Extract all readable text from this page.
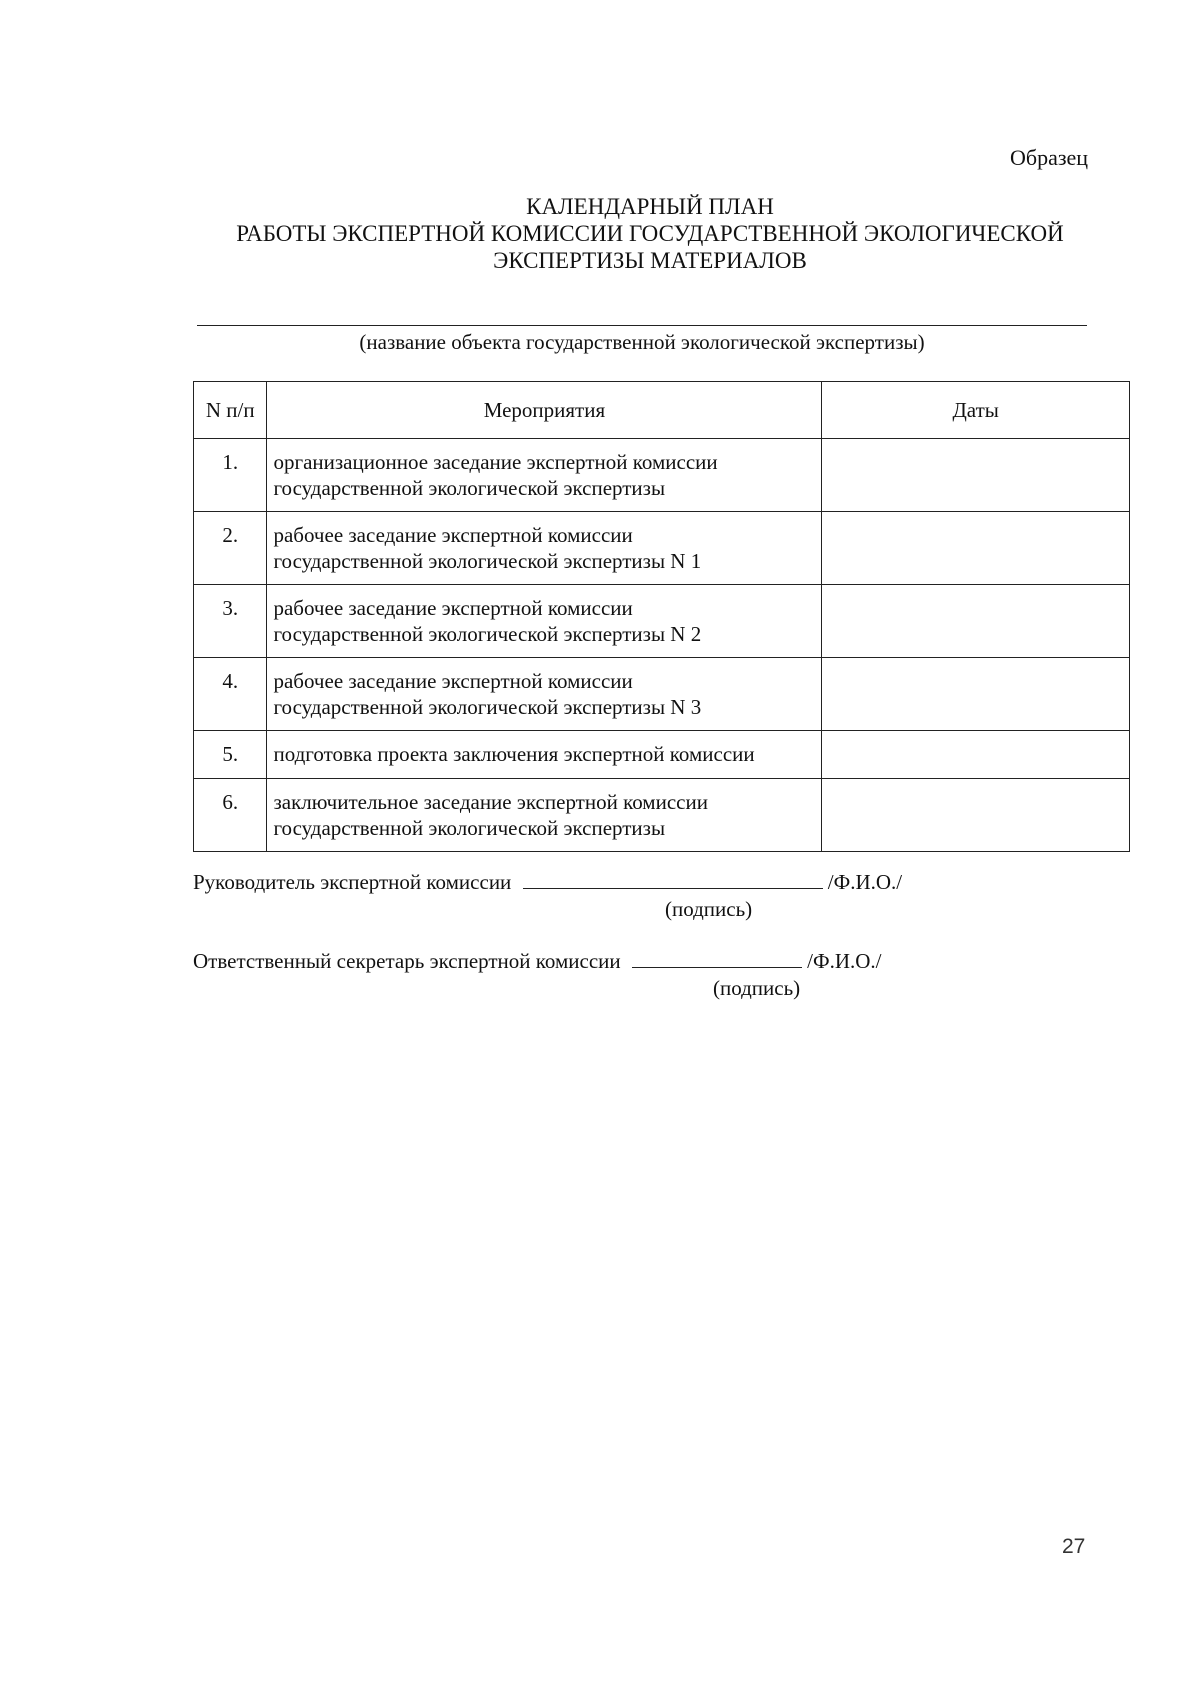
Образец
КАЛЕНДАРНЫЙ ПЛАН
РАБОТЫ ЭКСПЕРТНОЙ КОМИССИИ ГОСУДАРСТВЕННОЙ ЭКОЛОГИЧЕСКОЙ
ЭКСПЕРТИЗЫ МАТЕРИАЛОВ
(название объекта государственной экологической экспертизы)
N п/п	Мероприятия	Даты
1.	организационное заседание экспертной комиссии
государственной экологической экспертизы	

2.	рабочее заседание экспертной комиссии
государственной экологической экспертизы N 1	

3.	рабочее заседание экспертной комиссии
государственной экологической экспертизы N 2	

4.	рабочее заседание экспертной комиссии
государственной экологической экспертизы N 3	

5.	подготовка проекта заключения экспертной комиссии	

6.	заключительное заседание экспертной комиссии
государственной экологической экспертизы	

Руководитель экспертной комиссии	/Ф.И.О./
(подпись)
Ответственный секретарь экспертной комиссии	/Ф.И.О./
(подпись)
27
